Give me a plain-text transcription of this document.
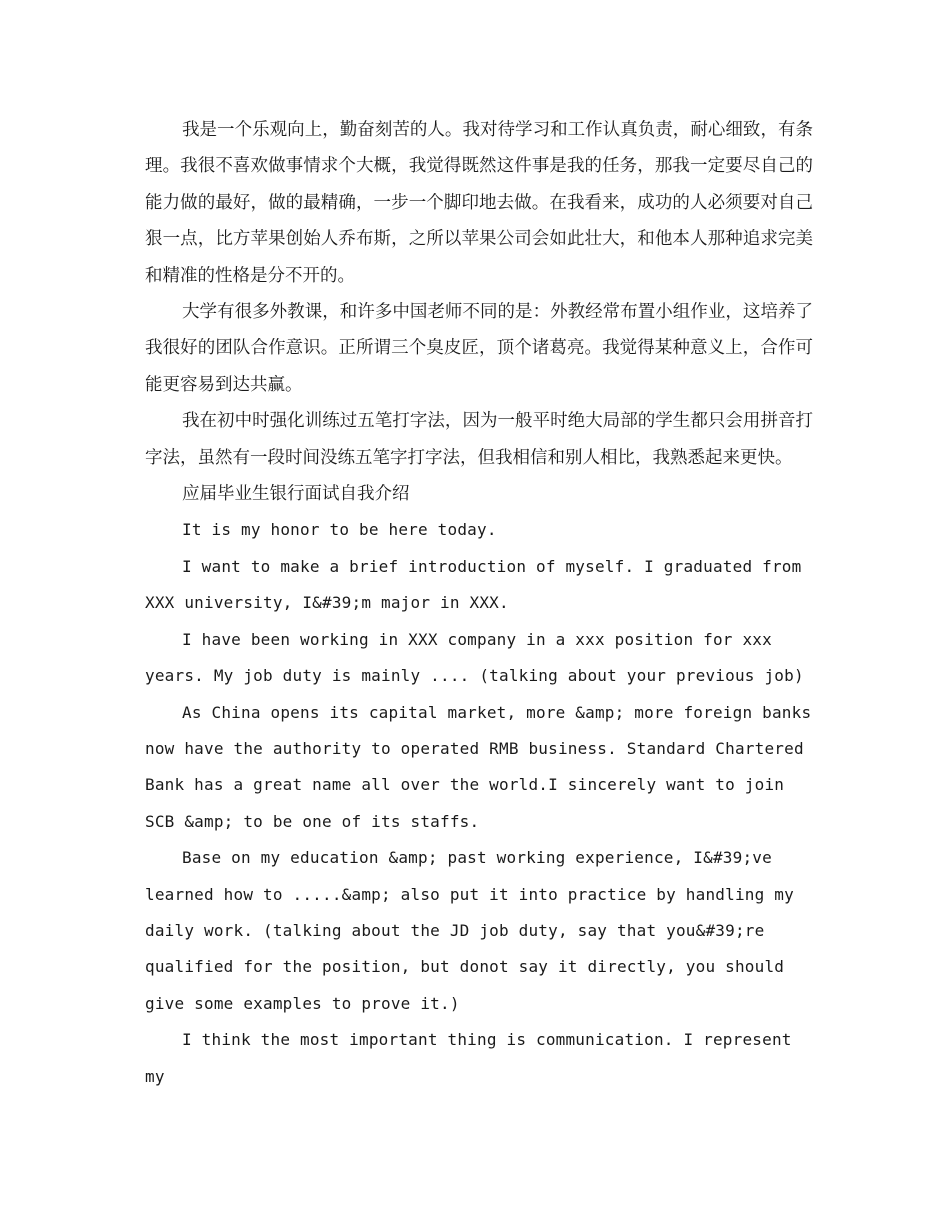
我是一个乐观向上，勤奋刻苦的人。我对待学习和工作认真负责，耐心细致，有条理。我很不喜欢做事情求个大概，我觉得既然这件事是我的任务，那我一定要尽自己的能力做的最好，做的最精确，一步一个脚印地去做。在我看来，成功的人必须要对自己狠一点，比方苹果创始人乔布斯，之所以苹果公司会如此壮大，和他本人那种追求完美和精准的性格是分不开的。

大学有很多外教课，和许多中国老师不同的是：外教经常布置小组作业，这培养了我很好的团队合作意识。正所谓三个臭皮匠，顶个诸葛亮。我觉得某种意义上，合作可能更容易到达共赢。

我在初中时强化训练过五笔打字法，因为一般平时绝大局部的学生都只会用拼音打字法，虽然有一段时间没练五笔字打字法，但我相信和别人相比，我熟悉起来更快。

应届毕业生银行面试自我介绍

It is my honor to be here today.

I want to make a brief introduction of myself. I graduated from XXX university, I&#39;m major in XXX.

I have been working in XXX company in a xxx position for xxx years. My job duty is mainly .... (talking about your previous job)

As China opens its capital market, more &amp; more foreign banks now have the authority to operated RMB business. Standard Chartered Bank has a great name all over the world.I sincerely want to join SCB &amp; to be one of its staffs.

Base on my education &amp; past working experience, I&#39;ve learned how to .....&amp; also put it into practice by handling my daily work. (talking about the JD job duty, say that you&#39;re qualified for the position, but donot say it directly, you should give some examples to prove it.)

I think the most important thing is communication. I represent my
